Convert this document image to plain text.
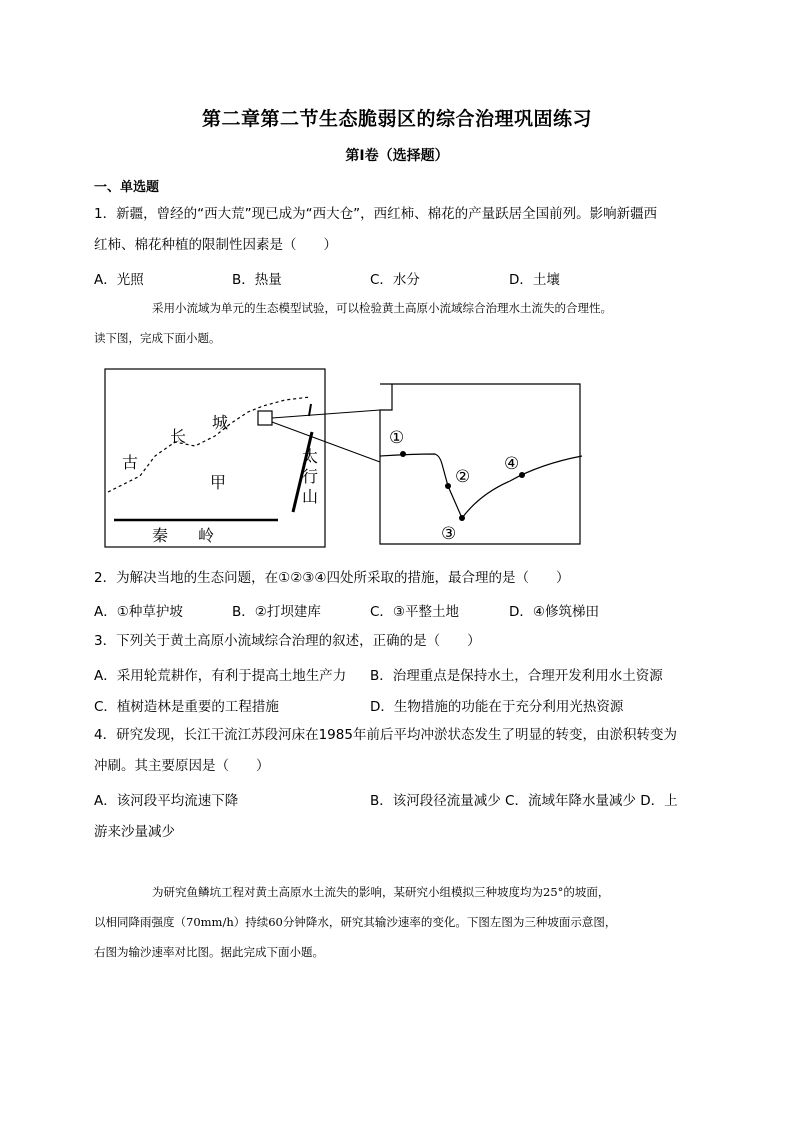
第二章第二节生态脆弱区的综合治理巩固练习
第Ⅰ卷（选择题）
一、单选题
1．新疆，曾经的“西大荒”现已成为“西大仓”，西红柿、棉花的产量跃居全国前列。影响新疆西
红柿、棉花种植的限制性因素是（　　）
A．光照	B．热量	C．水分	D．土壤
采用小流域为单元的生态模型试验，可以检验黄土高原小流域综合治理水土流失的合理性。
读下图，完成下面小题。
长
城
古
甲
太
行
山
秦 岭
①
②
③
④
2．为解决当地的生态问题，在①②③④四处所采取的措施，最合理的是（　　）
A．①种草护坡	B．②打坝建库	C．③平整土地	D．④修筑梯田
3．下列关于黄土高原小流域综合治理的叙述，正确的是（　　）
A．采用轮荒耕作，有利于提高土地生产力 B．治理重点是保持水土，合理开发利用水土资源
C．植树造林是重要的工程措施	D．生物措施的功能在于充分利用光热资源
4．研究发现，长江干流江苏段河床在1985年前后平均冲淤状态发生了明显的转变，由淤积转变为
冲刷。其主要原因是（　　）
A．该河段平均流速下降	B．该河段径流量减少 C．流域年降水量减少 D．上
游来沙量减少
为研究鱼鳞坑工程对黄土高原水土流失的影响，某研究小组模拟三种坡度均为25°的坡面，
以相同降雨强度（70mm/h）持续60分钟降水，研究其输沙速率的变化。下图左图为三种坡面示意图，
右图为输沙速率对比图。据此完成下面小题。
